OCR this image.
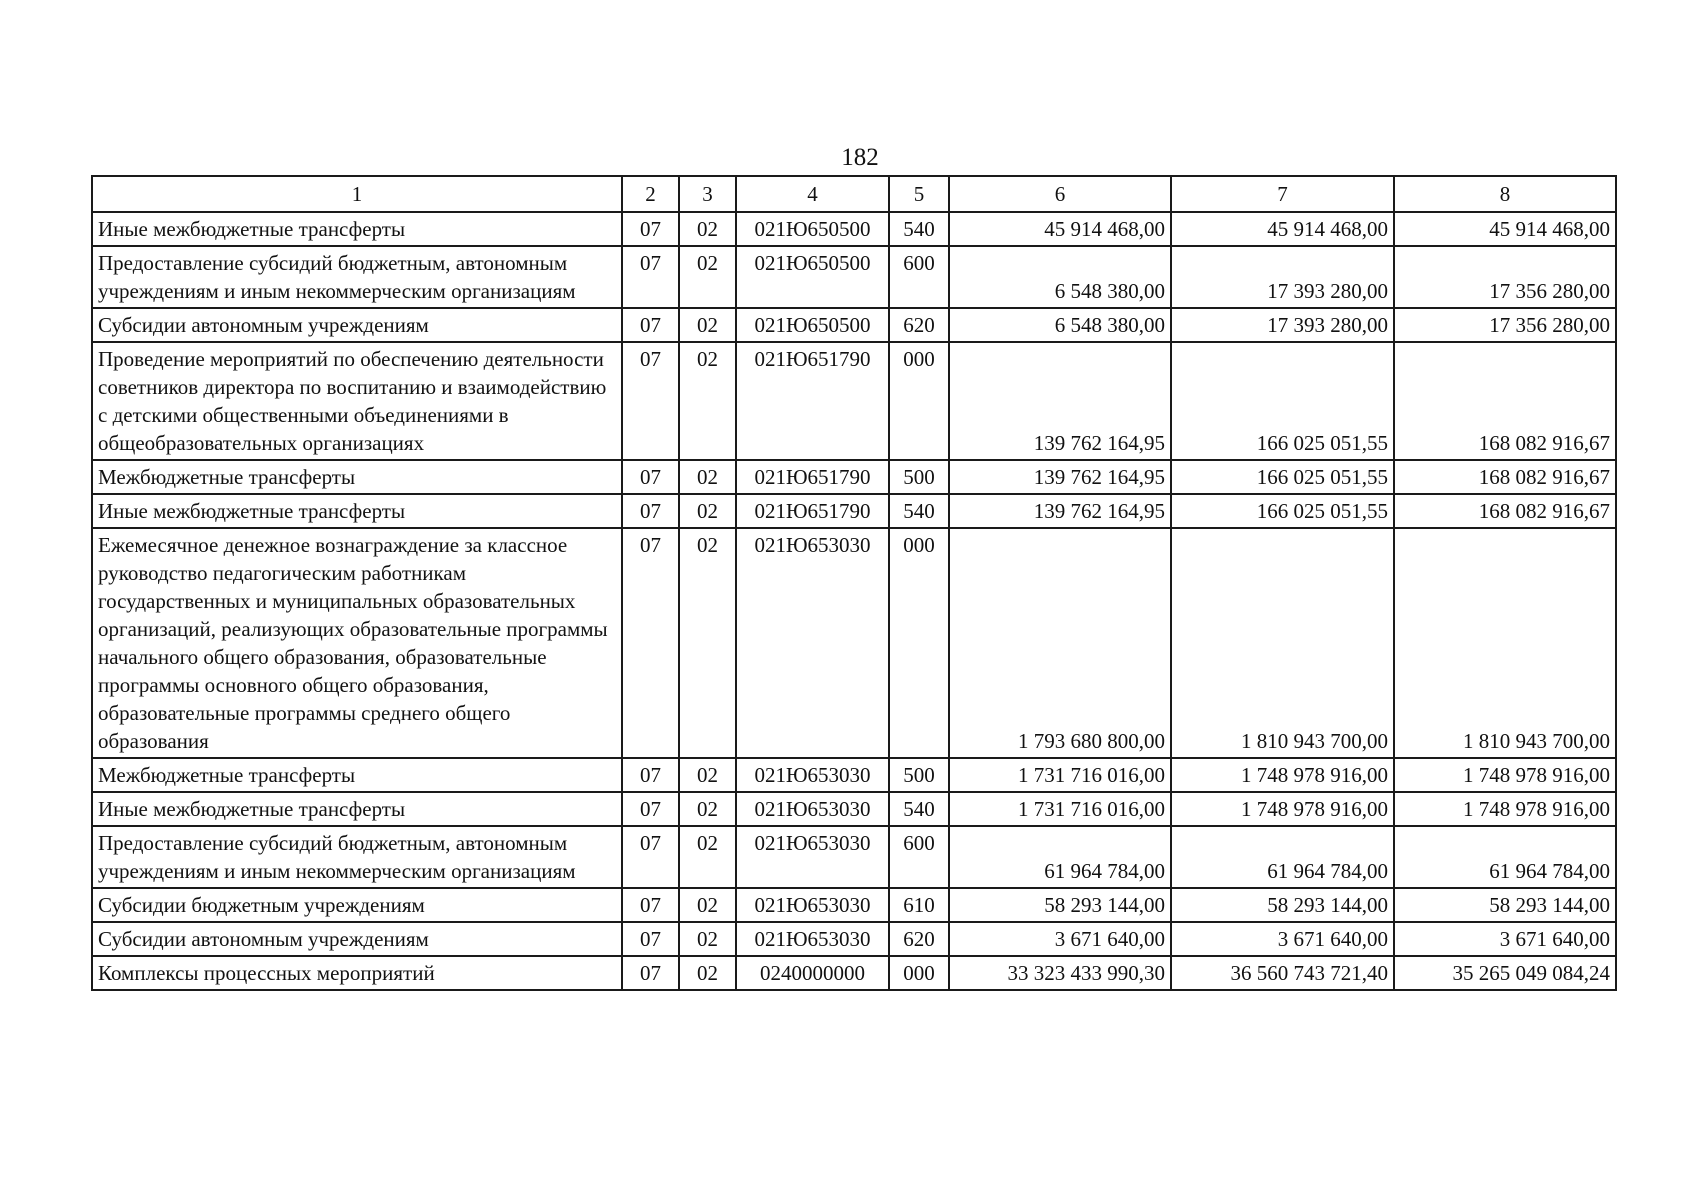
182
1	2	3	4	5	6	7	8
Иные межбюджетные трансферты	07	02	021Ю650500	540	45 914 468,00	45 914 468,00	45 914 468,00
Предоставление субсидий бюджетным, автономным учреждениям и иным некоммерческим организациям	07	02	021Ю650500	600	6 548 380,00	17 393 280,00	17 356 280,00
Субсидии автономным учреждениям	07	02	021Ю650500	620	6 548 380,00	17 393 280,00	17 356 280,00
Проведение мероприятий по обеспечению деятельности советников директора по воспитанию и взаимодействию с детскими общественными объединениями в общеобразовательных организациях	07	02	021Ю651790	000	139 762 164,95	166 025 051,55	168 082 916,67
Межбюджетные трансферты	07	02	021Ю651790	500	139 762 164,95	166 025 051,55	168 082 916,67
Иные межбюджетные трансферты	07	02	021Ю651790	540	139 762 164,95	166 025 051,55	168 082 916,67
Ежемесячное денежное вознаграждение за классное руководство педагогическим работникам государственных и муниципальных образовательных организаций, реализующих образовательные программы начального общего образования, образовательные программы основного общего образования, образовательные программы среднего общего образования	07	02	021Ю653030	000	1 793 680 800,00	1 810 943 700,00	1 810 943 700,00
Межбюджетные трансферты	07	02	021Ю653030	500	1 731 716 016,00	1 748 978 916,00	1 748 978 916,00
Иные межбюджетные трансферты	07	02	021Ю653030	540	1 731 716 016,00	1 748 978 916,00	1 748 978 916,00
Предоставление субсидий бюджетным, автономным учреждениям и иным некоммерческим организациям	07	02	021Ю653030	600	61 964 784,00	61 964 784,00	61 964 784,00
Субсидии бюджетным учреждениям	07	02	021Ю653030	610	58 293 144,00	58 293 144,00	58 293 144,00
Субсидии автономным учреждениям	07	02	021Ю653030	620	3 671 640,00	3 671 640,00	3 671 640,00
Комплексы процессных мероприятий	07	02	0240000000	000	33 323 433 990,30	36 560 743 721,40	35 265 049 084,24
